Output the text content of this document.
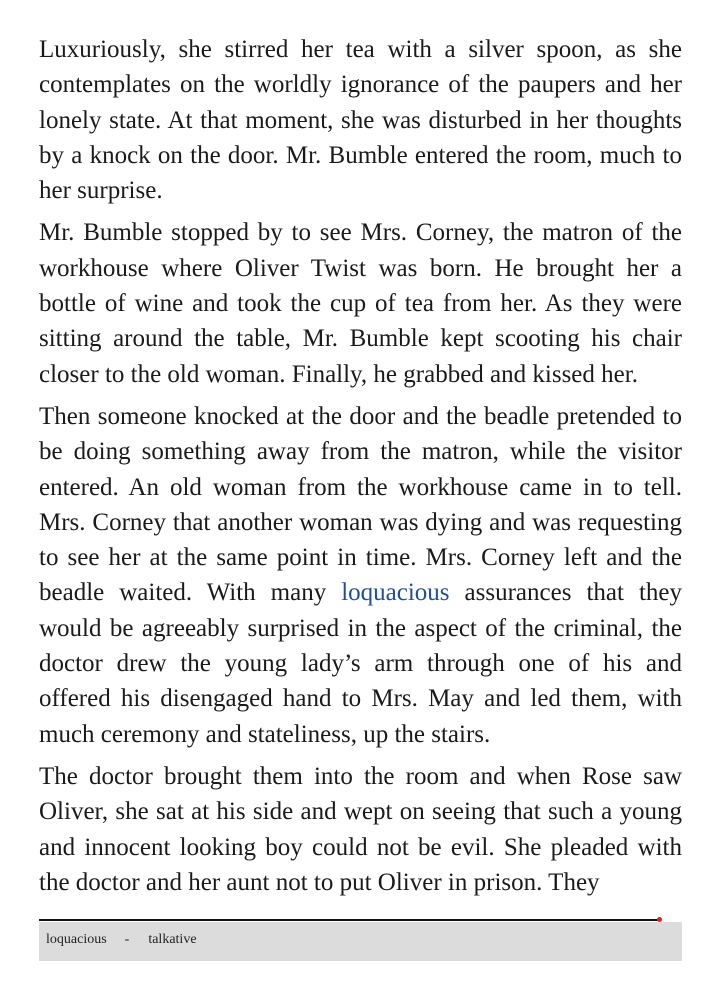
Luxuriously, she stirred her tea with a silver spoon, as she contemplates on the worldly ignorance of the paupers and her lonely state. At that moment, she was disturbed in her thoughts by a knock on the door. Mr. Bumble entered the room, much to her surprise.

Mr. Bumble stopped by to see Mrs. Corney, the matron of the workhouse where Oliver Twist was born. He brought her a bottle of wine and took the cup of tea from her. As they were sitting around the table, Mr. Bumble kept scooting his chair closer to the old woman. Finally, he grabbed and kissed her.

Then someone knocked at the door and the beadle pretended to be doing something away from the matron, while the visitor entered. An old woman from the workhouse came in to tell. Mrs. Corney that another woman was dying and was requesting to see her at the same point in time. Mrs. Corney left and the beadle waited. With many loquacious assurances that they would be agreeably surprised in the aspect of the criminal, the doctor drew the young lady’s arm through one of his and offered his disengaged hand to Mrs. May and led them, with much ceremony and stateliness, up the stairs.

The doctor brought them into the room and when Rose saw Oliver, she sat at his side and wept on seeing that such a young and innocent looking boy could not be evil. She pleaded with the doctor and her aunt not to put Oliver in prison. They

loquacious - talkative
